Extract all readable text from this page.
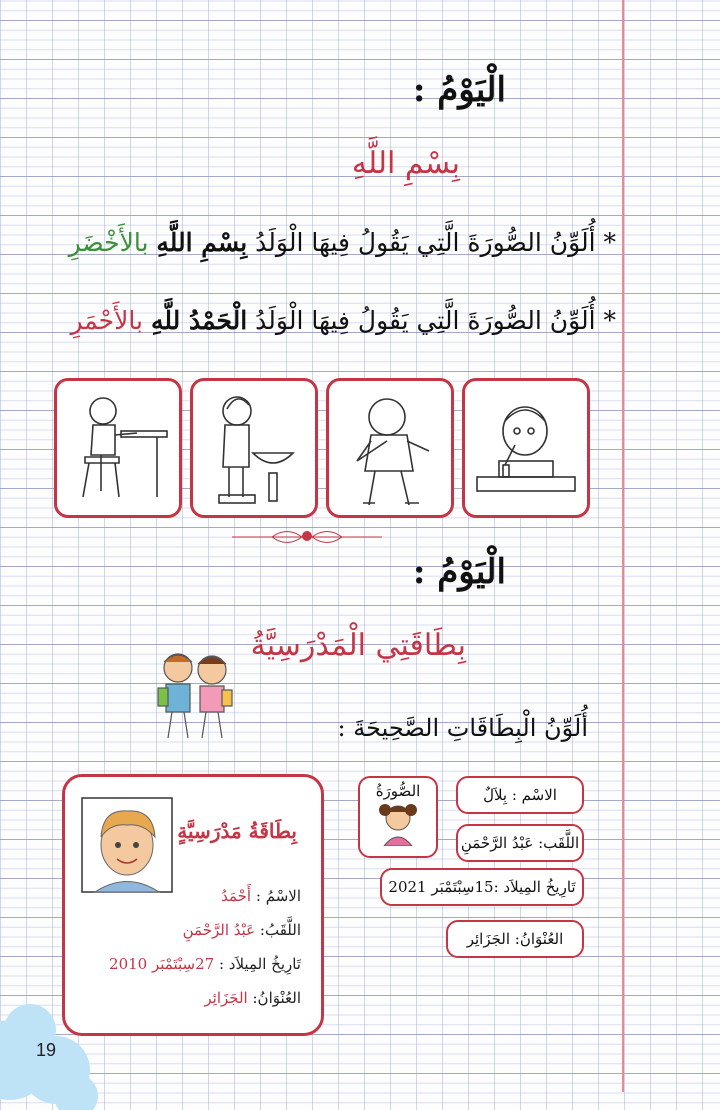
الْيَوْمُ :
بِسْمِ اللَّهِ
* أُلَوِّنُ الصُّورَةَ الَّتِي يَقُولُ فِيهَا الْوَلَدُ بِسْمِ اللَّهِ بالأَخْضَرِ
* أُلَوِّنُ الصُّورَةَ الَّتِي يَقُولُ فِيهَا الْوَلَدُ الْحَمْدُ للَّهِ بالأَحْمَرِ
الْيَوْمُ :
بِطَاقَتِي الْمَدْرَسِيَّةُ
أُلَوِّنُ الْبِطَاقَاتِ الصَّحِيحَةَ :
الصُّورَةُ	الاسْم : بِلاَلٌ
اللَّقَب: عَبْدُ الرَّحْمَنِ
تَارِيخُ المِيلاَد :15سِبْتَمْبَر 2021
العُنْوَانُ: الجَزَائِر
بِطَاقَةُ مَدْرَسِيَّةٍ
الاسْمُ : أَحْمَدُ
اللَّقَبُ: عَبْدُ الرَّحْمَنِ
تَارِيخُ المِيلاَد : 27سِبْتَمْبَر 2010
العُنْوَانُ: الجَزَائِر
19
